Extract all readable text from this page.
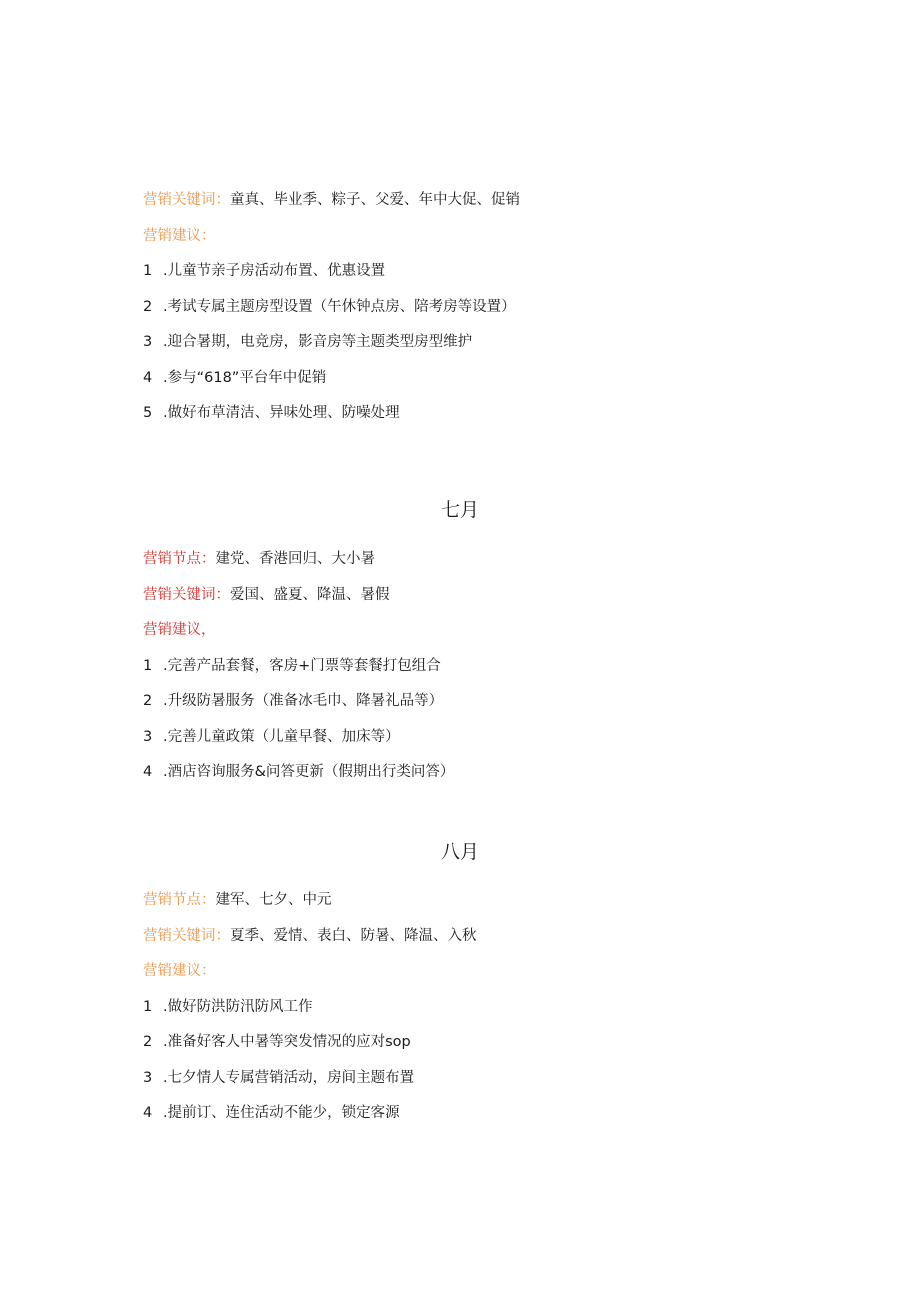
营销关键词：童真、毕业季、粽子、父爱、年中大促、促销
营销建议：
1 .儿童节亲子房活动布置、优惠设置
2 .考试专属主题房型设置（午休钟点房、陪考房等设置）
3 .迎合暑期，电竞房，影音房等主题类型房型维护
4 .参与“618”平台年中促销
5 .做好布草清洁、异味处理、防噪处理
七月
营销节点：建党、香港回归、大小暑
营销关键词：爱国、盛夏、降温、暑假
营销建议，
1 .完善产品套餐，客房+门票等套餐打包组合
2 .升级防暑服务（准备冰毛巾、降暑礼品等）
3 .完善儿童政策（儿童早餐、加床等）
4 .酒店咨询服务&问答更新（假期出行类问答）
八月
营销节点：建军、七夕、中元
营销关键词：夏季、爱情、表白、防暑、降温、入秋
营销建议：
1 .做好防洪防汛防风工作
2 .准备好客人中暑等突发情况的应对sop
3 .七夕情人专属营销活动，房间主题布置
4 .提前订、连住活动不能少，锁定客源
